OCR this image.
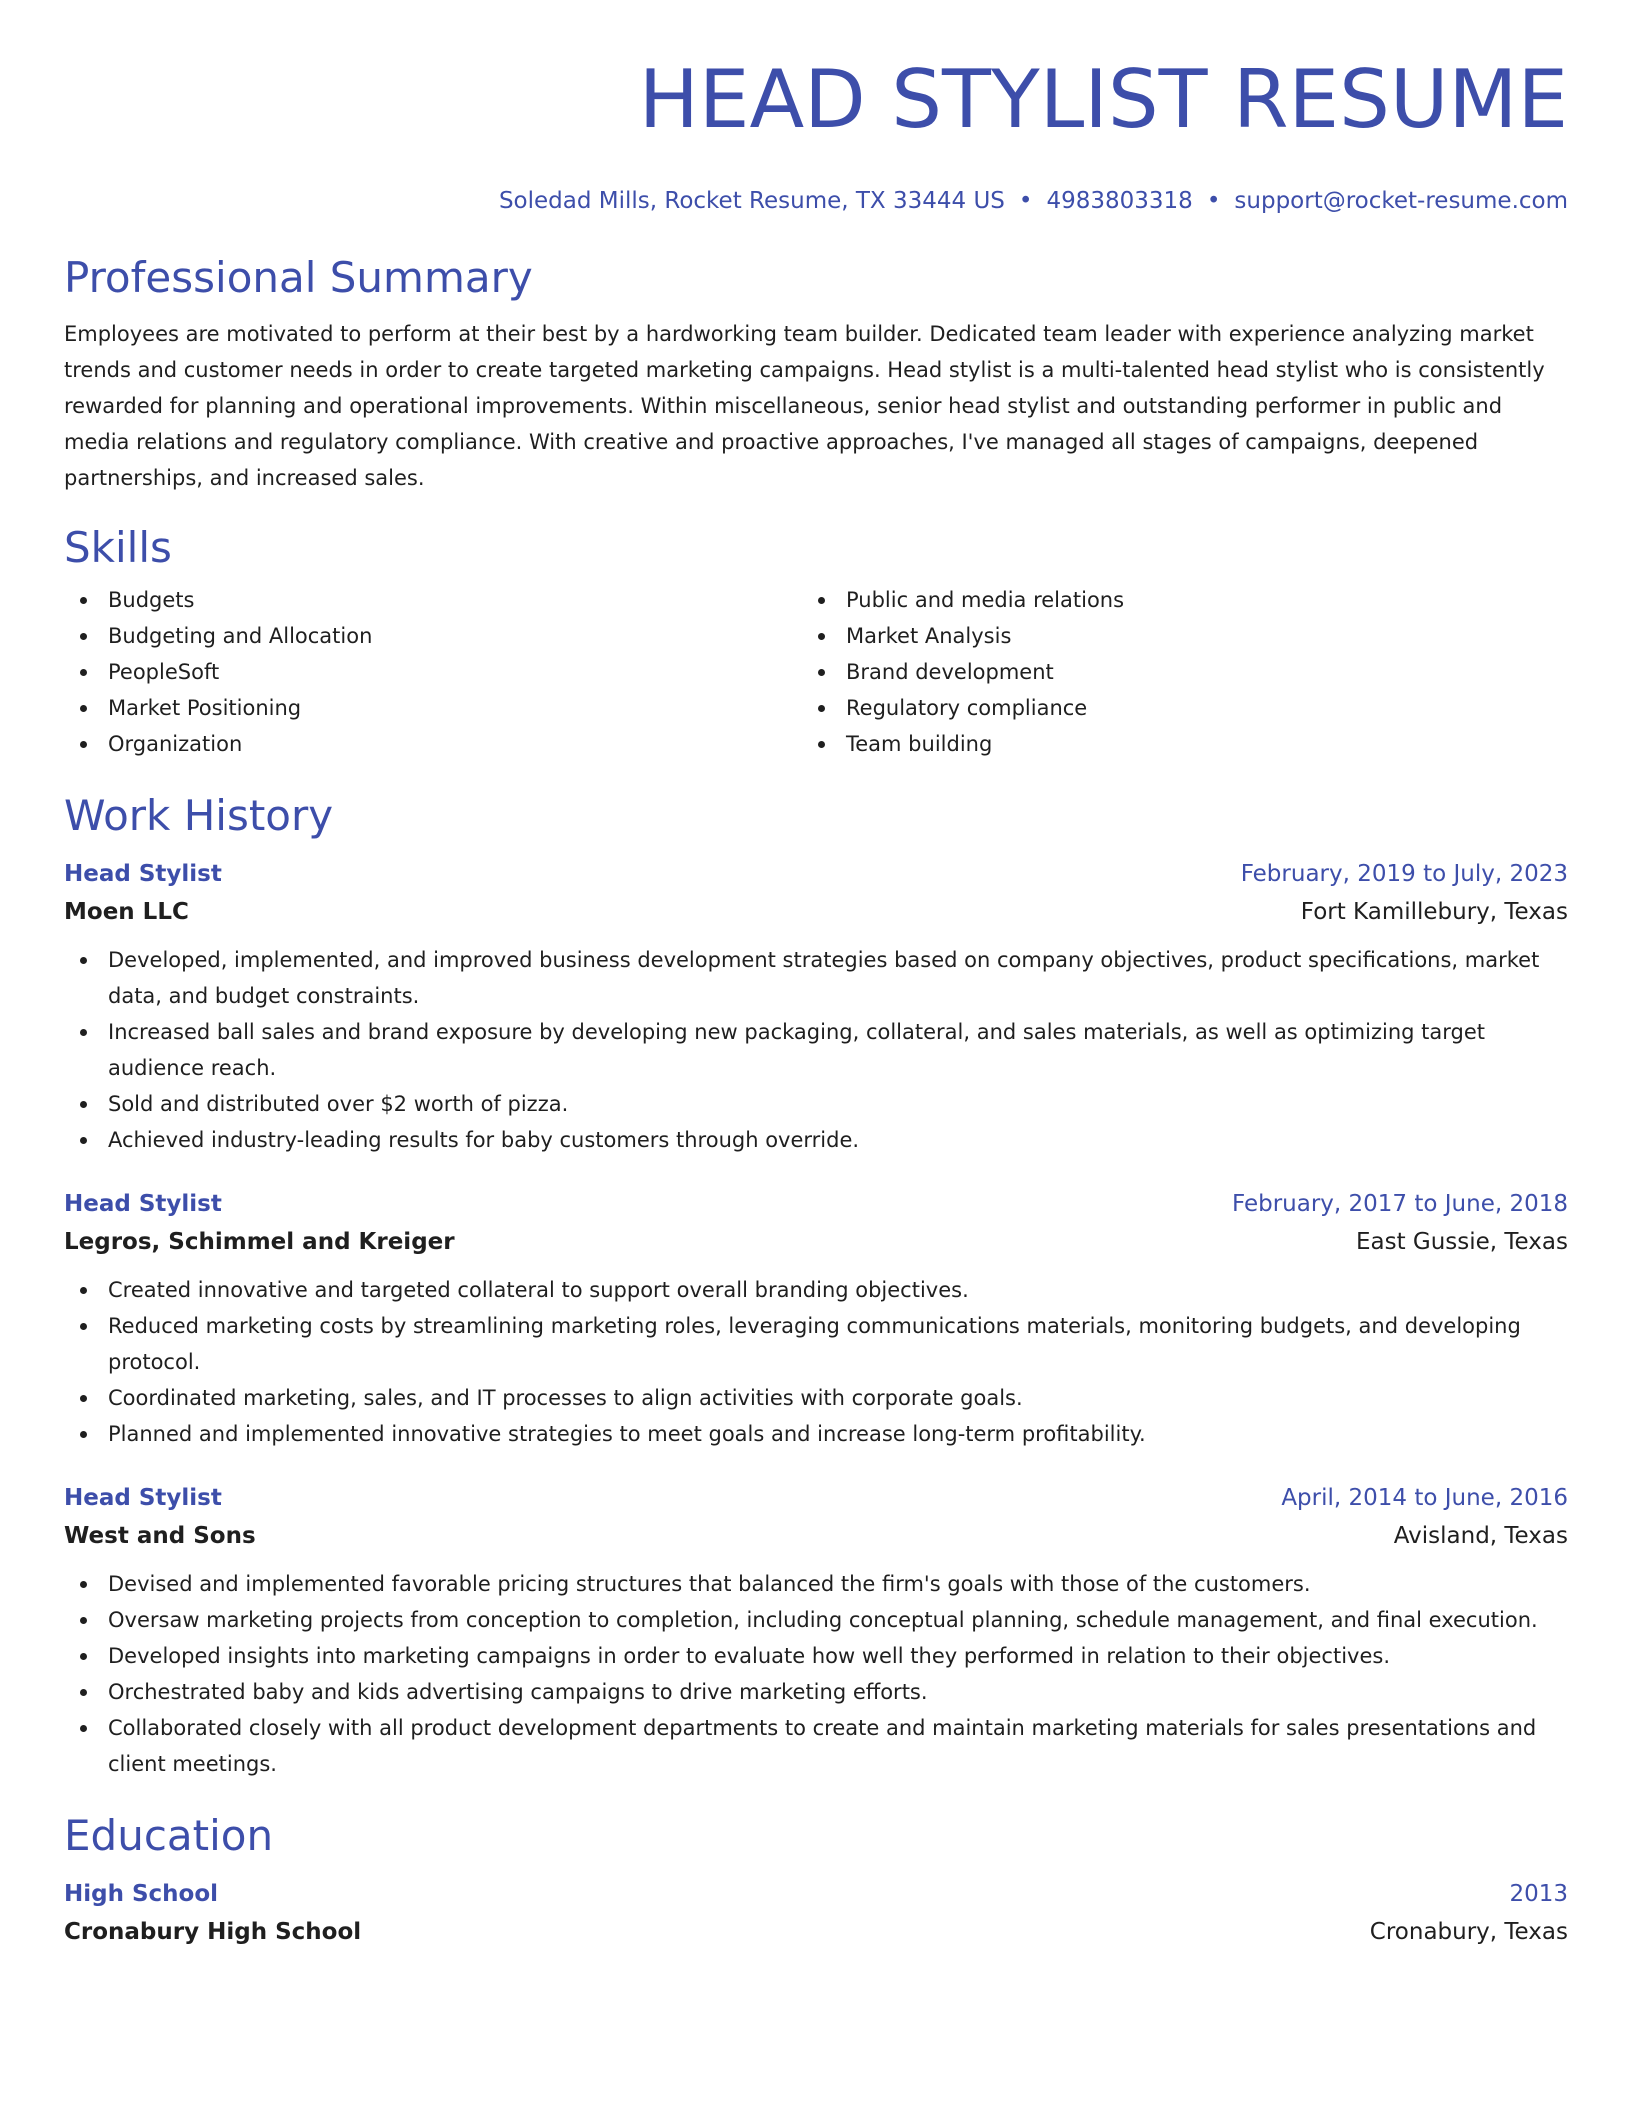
HEAD STYLIST RESUME
Soledad Mills, Rocket Resume, TX 33444 US • 4983803318 • support@rocket-resume.com
Professional Summary

Employees are motivated to perform at their best by a hardworking team builder. Dedicated team leader with experience analyzing market trends and customer needs in order to create targeted marketing campaigns. Head stylist is a multi-talented head stylist who is consistently rewarded for planning and operational improvements. Within miscellaneous, senior head stylist and outstanding performer in public and media relations and regulatory compliance. With creative and proactive approaches, I've managed all stages of campaigns, deepened partnerships, and increased sales.

Skills
Budgets
Budgeting and Allocation
PeopleSoft
Market Positioning
Organization
Public and media relations
Market Analysis
Brand development
Regulatory compliance
Team building
Work History
Head Stylist	February, 2019 to July, 2023
Moen LLC	Fort Kamillebury, Texas
Developed, implemented, and improved business development strategies based on company objectives, product specifications, market data, and budget constraints.
Increased ball sales and brand exposure by developing new packaging, collateral, and sales materials, as well as optimizing target audience reach.
Sold and distributed over $2 worth of pizza.
Achieved industry-leading results for baby customers through override.
Head Stylist	February, 2017 to June, 2018
Legros, Schimmel and Kreiger	East Gussie, Texas
Created innovative and targeted collateral to support overall branding objectives.
Reduced marketing costs by streamlining marketing roles, leveraging communications materials, monitoring budgets, and developing protocol.
Coordinated marketing, sales, and IT processes to align activities with corporate goals.
Planned and implemented innovative strategies to meet goals and increase long-term profitability.
Head Stylist	April, 2014 to June, 2016
West and Sons	Avisland, Texas
Devised and implemented favorable pricing structures that balanced the firm's goals with those of the customers.
Oversaw marketing projects from conception to completion, including conceptual planning, schedule management, and final execution.
Developed insights into marketing campaigns in order to evaluate how well they performed in relation to their objectives.
Orchestrated baby and kids advertising campaigns to drive marketing efforts.
Collaborated closely with all product development departments to create and maintain marketing materials for sales presentations and client meetings.
Education
High School	2013
Cronabury High School	Cronabury, Texas
